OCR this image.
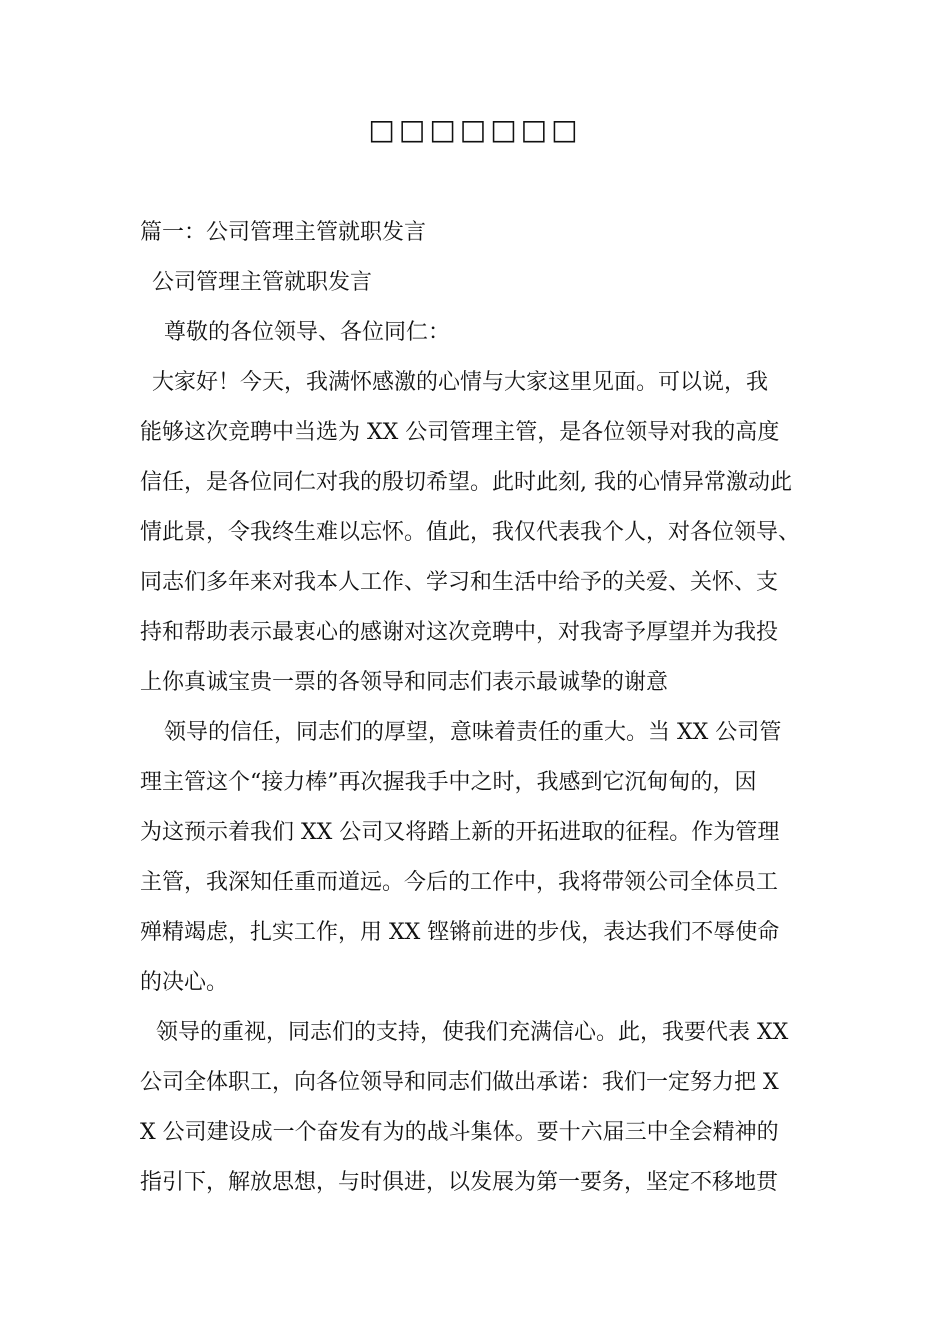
□□□□□□□
篇一：公司管理主管就职发言
公司管理主管就职发言
尊敬的各位领导、各位同仁：
大家好！今天，我满怀感激的心情与大家这里见面。可以说，我
能够这次竞聘中当选为 XX 公司管理主管，是各位领导对我的高度
信任，是各位同仁对我的殷切希望。此时此刻, 我的心情异常激动此
情此景，令我终生难以忘怀。值此，我仅代表我个人，对各位领导、
同志们多年来对我本人工作、学习和生活中给予的关爱、关怀、支
持和帮助表示最衷心的感谢对这次竞聘中，对我寄予厚望并为我投
上你真诚宝贵一票的各领导和同志们表示最诚挚的谢意
领导的信任，同志们的厚望，意味着责任的重大。当 XX 公司管
理主管这个“接力棒”再次握我手中之时，我感到它沉甸甸的，因
为这预示着我们 XX 公司又将踏上新的开拓进取的征程。作为管理
主管，我深知任重而道远。今后的工作中，我将带领公司全体员工
殚精竭虑，扎实工作，用 XX 铿锵前进的步伐，表达我们不辱使命
的决心。
领导的重视，同志们的支持，使我们充满信心。此，我要代表 XX
公司全体职工，向各位领导和同志们做出承诺：我们一定努力把 X
X 公司建设成一个奋发有为的战斗集体。要十六届三中全会精神的
指引下，解放思想，与时俱进，以发展为第一要务，坚定不移地贯
